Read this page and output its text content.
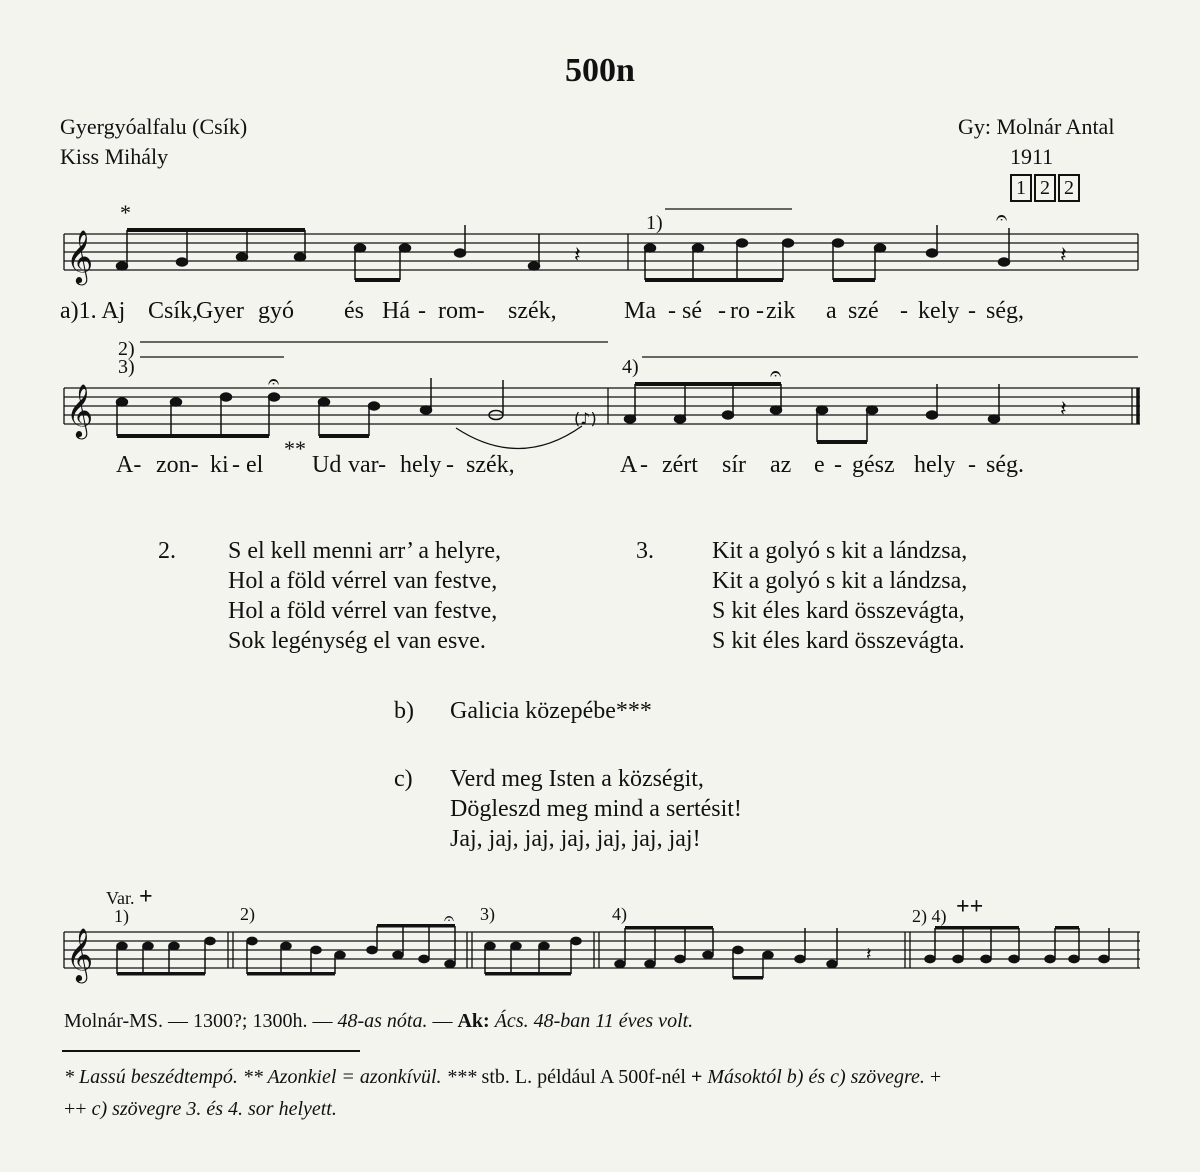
500n
Gyergyóalfalu (Csík)
Kiss Mihály
Gy: Molnár Antal
1911
1 2 2
𝄞
𝄞
𝄞
𝄽	𝄽
𝄽
𝄽
𝄐
𝄐	𝄐
𝄐
(♪)
*	1)
2)
3)	4)
a)1. Aj Csík,
Gyer gyó és Há - rom- szék,	Ma - sé - ro - zik a szé - kely - ség,
A- zon- ki - el
**
Ud var- hely - szék,	A - zért sír az e - gész hely - ség.
2. S el kell menni arr’ a helyre,
Hol a föld vérrel van festve,
Hol a föld vérrel van festve,
Sok legénység el van esve.
3. Kit a golyó s kit a lándzsa,
Kit a golyó s kit a lándzsa,
S kit éles kard összevágta,
S kit éles kard összevágta.
b) Galicia közepébe***
c) Verd meg Isten a községit,
Dögleszd meg mind a sertésit!
Jaj, jaj, jaj, jaj, jaj, jaj, jaj!
Var. +
1)	2)	3)	4)	2) 4) ++
Molnár-MS. — 1300?; 1300h. — 48-as nóta. — Ak: Ács. 48-ban 11 éves volt.
* Lassú beszédtempó. ** Azonkiel = azonkívül. *** stb. L. például A 500f-nél + Másoktól b) és c) szövegre. +
++ c) szövegre 3. és 4. sor helyett.
